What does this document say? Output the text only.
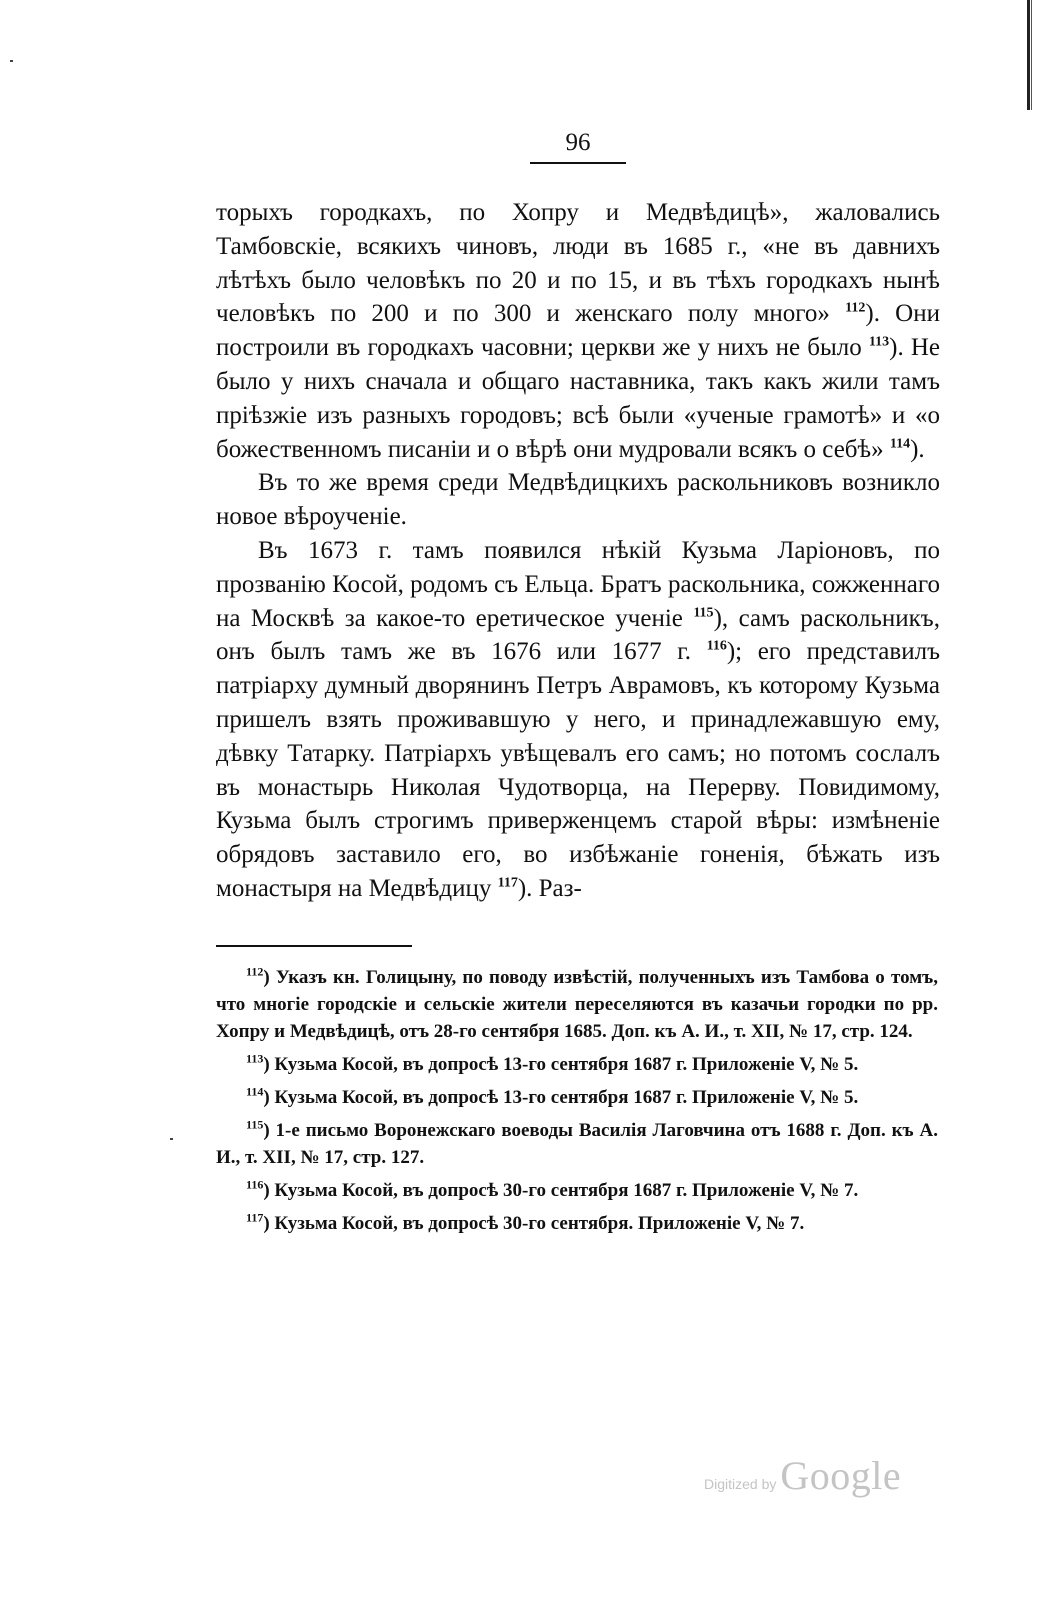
96

торыхъ городкахъ, по Хопру и Медвѣдицѣ», жаловались Тамбовскіе, всякихъ чиновъ, люди въ 1685 г., «не въ давнихъ лѣтѣхъ было человѣкъ по 20 и по 15, и въ тѣхъ городкахъ нынѣ человѣкъ по 200 и по 300 и женскаго полу много» $^{112}$). Они построили въ городкахъ часовни; церкви же у нихъ не было $^{113}$). Не было у нихъ сначала и общаго наставника, такъ какъ жили тамъ пріѣзжіе изъ разныхъ городовъ; всѣ были «ученые грамотѣ» и «о божественномъ писаніи и о вѣрѣ они мудровали всякъ о себѣ» $^{114}$).

Въ то же время среди Медвѣдицкихъ раскольниковъ возникло новое вѣроученіе.

Въ 1673 г. тамъ появился нѣкій Кузьма Ларіоновъ, по прозванію Косой, родомъ съ Ельца. Братъ раскольника, сожженнаго на Москвѣ за какое-то еретическое ученіе $^{115}$), самъ раскольникъ, онъ былъ тамъ же въ 1676 или 1677 г. $^{116}$); его представилъ патріарху думный дворянинъ Петръ Аврамовъ, къ которому Кузьма пришелъ взять проживавшую у него, и принадлежавшую ему, дѣвку Татарку. Патріархъ увѣщевалъ его самъ; но потомъ сослалъ въ монастырь Николая Чудотворца, на Перерву. Повидимому, Кузьма былъ строгимъ приверженцемъ старой вѣры: измѣненіе обрядовъ заставило его, во избѣжаніе гоненія, бѣжать изъ монастыря на Медвѣдицу $^{117}$). Раз-

$^{112}$) Указъ кн. Голицыну, по поводу извѣстій, полученныхъ изъ Тамбова о томъ, что многіе городскіе и сельскіе жители переселяются въ казачьи городки по рр. Хопру и Медвѣдицѣ, отъ 28-го сентября 1685. Доп. къ А. И., т. XII, № 17, стр. 124.
$^{113}$) Кузьма Косой, въ допросѣ 13-го сентября 1687 г. Приложеніе V, № 5.
$^{114}$) Кузьма Косой, въ допросѣ 13-го сентября 1687 г. Приложеніе V, № 5.
$^{115}$) 1-е письмо Воронежскаго воеводы Василія Лаговчина отъ 1688 г. Доп. къ А. И., т. XII, № 17, стр. 127.
$^{116}$) Кузьма Косой, въ допросѣ 30-го сентября 1687 г. Приложеніе V, № 7.
$^{117}$) Кузьма Косой, въ допросѣ 30-го сентября. Приложеніе V, № 7.
Digitized by Google
